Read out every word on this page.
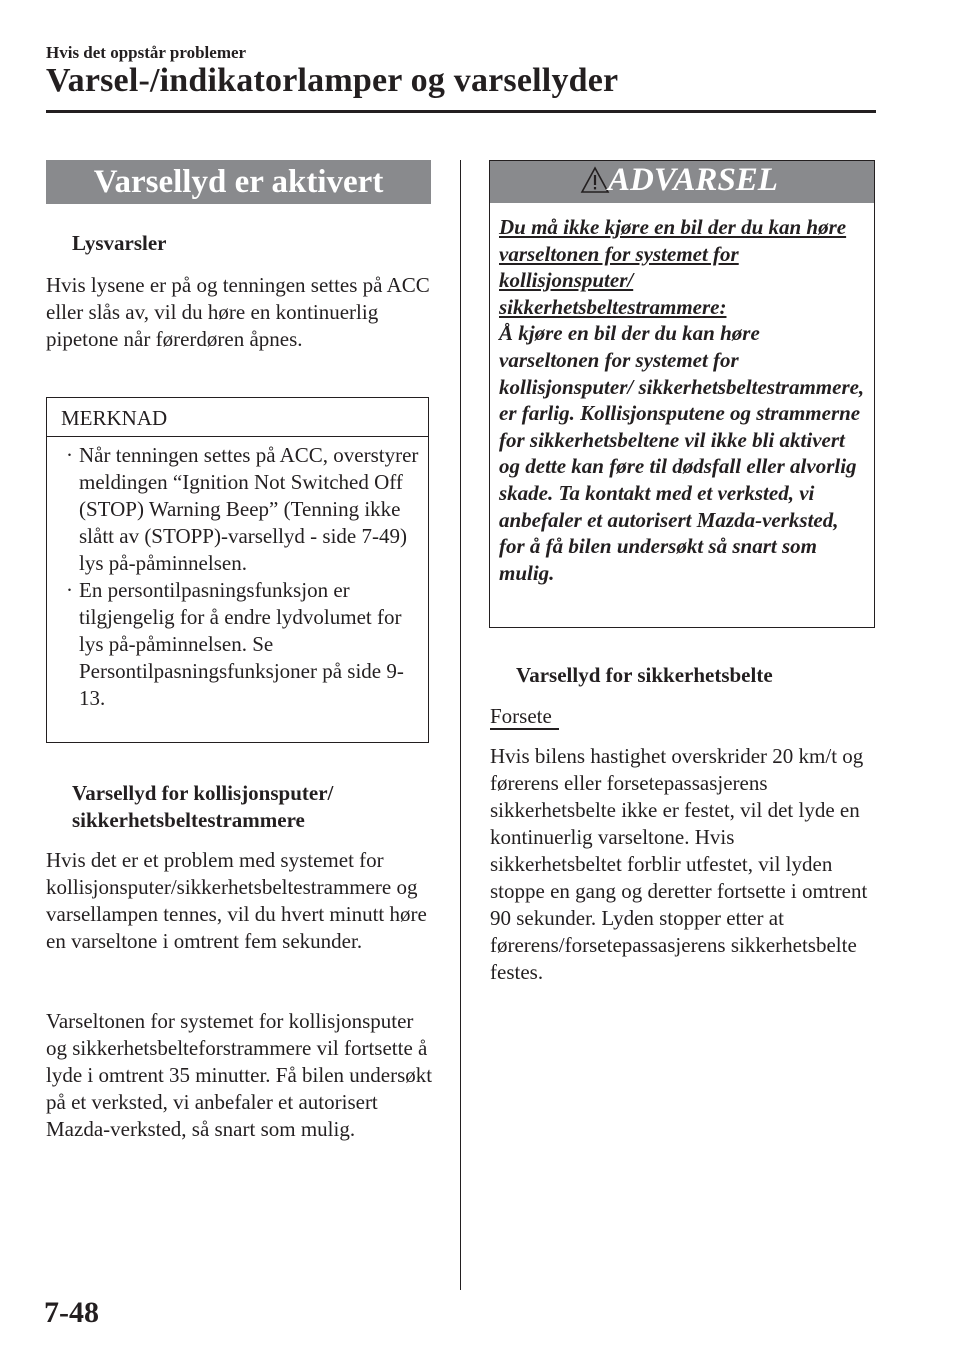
Hvis det oppstår problemer
Varsel-/indikatorlamper og varsellyder
Varsellyd er aktivert
Lysvarsler
Hvis lysene er på og tenningen settes på ACC eller slås av, vil du høre en kontinuerlig pipetone når førerdøren åpnes.
MERKNAD
· Når tenningen settes på ACC, overstyrer meldingen “Ignition Not Switched Off (STOP) Warning Beep” (Tenning ikke slått av (STOPP)-varsellyd - side 7-49) lys på-påminnelsen.
· En persontilpasningsfunksjon er tilgjengelig for å endre lydvolumet for lys på-påminnelsen. Se Persontilpasningsfunksjoner på side 9-13.
Varsellyd for kollisjonsputer/
sikkerhetsbeltestrammere
Hvis det er et problem med systemet for kollisjonsputer/sikkerhetsbeltestrammere og varsellampen tennes, vil du hvert minutt høre en varseltone i omtrent fem sekunder.
Varseltonen for systemet for kollisjonsputer og sikkerhetsbelteforstrammere vil fortsette å lyde i omtrent 35 minutter. Få bilen undersøkt på et verksted, vi anbefaler et autorisert Mazda-verksted, så snart som mulig.
ADVARSEL
Du må ikke kjøre en bil der du kan høre varseltonen for systemet for kollisjonsputer/ sikkerhetsbeltestrammere:
Å kjøre en bil der du kan høre varseltonen for systemet for kollisjonsputer/ sikkerhetsbeltestrammere, er farlig. Kollisjonsputene og strammerne for sikkerhetsbeltene vil ikke bli aktivert og dette kan føre til dødsfall eller alvorlig skade. Ta kontakt med et verksted, vi anbefaler et autorisert Mazda-verksted, for å få bilen undersøkt så snart som mulig.
Varsellyd for sikkerhetsbelte
Forsete
Hvis bilens hastighet overskrider 20 km/t og førerens eller forsetepassasjerens sikkerhetsbelte ikke er festet, vil det lyde en kontinuerlig varseltone. Hvis sikkerhetsbeltet forblir utfestet, vil lyden stoppe en gang og deretter fortsette i omtrent 90 sekunder. Lyden stopper etter at førerens/forsetepassasjerens sikkerhetsbelte festes.
7-48
